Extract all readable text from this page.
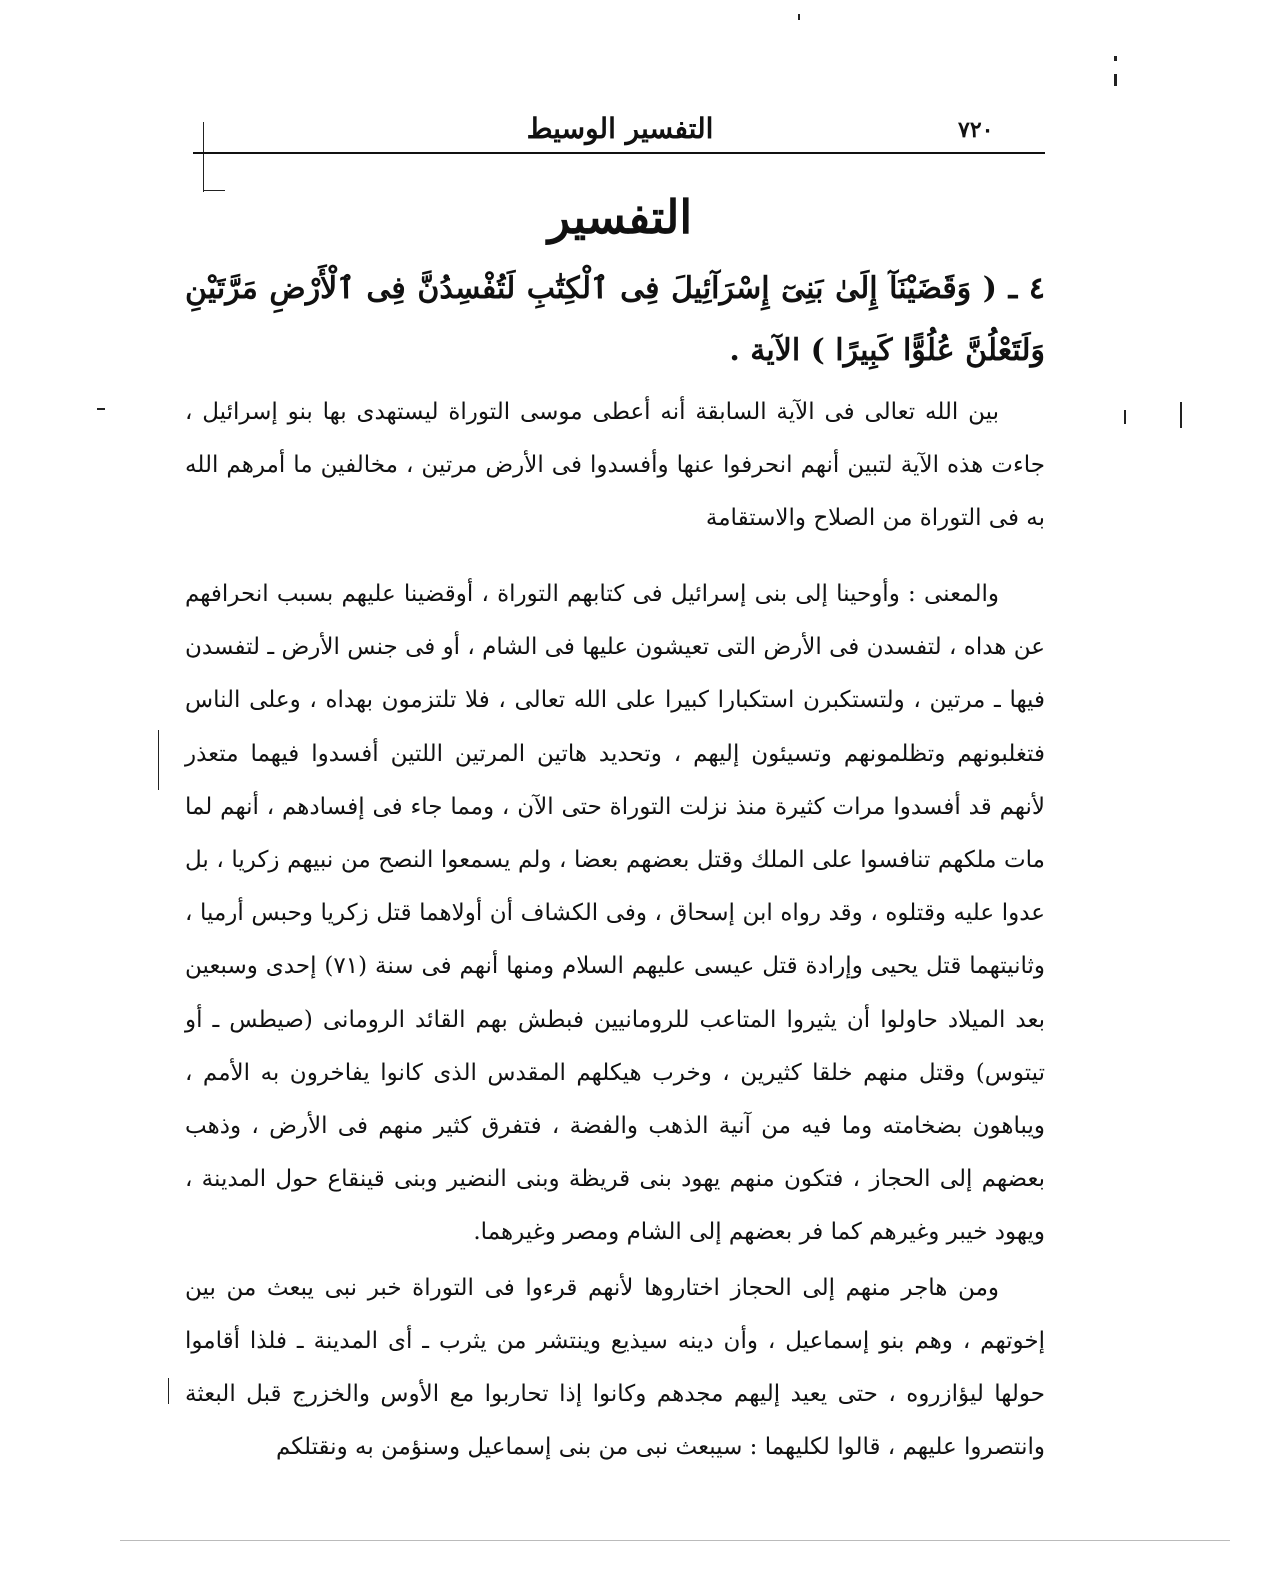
٧٢٠
التفسير الوسيط
التفسير
٤ ـ ( وَقَضَيْنَآ إِلَىٰ بَنِىٓ إِسْرَآئِيلَ فِى ٱلْكِتَٰبِ لَتُفْسِدُنَّ فِى ٱلْأَرْضِ مَرَّتَيْنِ وَلَتَعْلُنَّ عُلُوًّا كَبِيرًا ) الآية .
بين الله تعالى فى الآية السابقة أنه أعطى موسى التوراة ليستهدى بها بنو إسرائيل ، جاءت هذه الآية لتبين أنهم انحرفوا عنها وأفسدوا فى الأرض مرتين ، مخالفين ما أمرهم الله به فى التوراة من الصلاح والاستقامة
والمعنى : وأوحينا إلى بنى إسرائيل فى كتابهم التوراة ، أوقضينا عليهم بسبب انحرافهم عن هداه ، لتفسدن فى الأرض التى تعيشون عليها فى الشام ، أو فى جنس الأرض ـ لتفسدن فيها ـ مرتين ، ولتستكبرن استكبارا كبيرا على الله تعالى ، فلا تلتزمون بهداه ، وعلى الناس فتغلبونهم وتظلمونهم وتسيئون إليهم ، وتحديد هاتين المرتين اللتين أفسدوا فيهما متعذر لأنهم قد أفسدوا مرات كثيرة منذ نزلت التوراة حتى الآن ، ومما جاء فى إفسادهم ، أنهم لما مات ملكهم تنافسوا على الملك وقتل بعضهم بعضا ، ولم يسمعوا النصح من نبيهم زكريا ، بل عدوا عليه وقتلوه ، وقد رواه ابن إسحاق ، وفى الكشاف أن أولاهما قتل زكريا وحبس أرميا ، وثانيتهما قتل يحيى وإرادة قتل عيسى عليهم السلام ومنها أنهم فى سنة (٧١) إحدى وسبعين بعد الميلاد حاولوا أن يثيروا المتاعب للرومانيين فبطش بهم القائد الرومانى (صيطس ـ أو تيتوس) وقتل منهم خلقا كثيرين ، وخرب هيكلهم المقدس الذى كانوا يفاخرون به الأمم ، ويباهون بضخامته وما فيه من آنية الذهب والفضة ، فتفرق كثير منهم فى الأرض ، وذهب بعضهم إلى الحجاز ، فتكون منهم يهود بنى قريظة وبنى النضير وبنى قينقاع حول المدينة ، ويهود خيبر وغيرهم كما فر بعضهم إلى الشام ومصر وغيرهما.
ومن هاجر منهم إلى الحجاز اختاروها لأنهم قرءوا فى التوراة خبر نبى يبعث من بين إخوتهم ، وهم بنو إسماعيل ، وأن دينه سيذيع وينتشر من يثرب ـ أى المدينة ـ فلذا أقاموا حولها ليؤازروه ، حتى يعيد إليهم مجدهم وكانوا إذا تحاربوا مع الأوس والخزرج قبل البعثة وانتصروا عليهم ، قالوا لكليهما : سيبعث نبى من بنى إسماعيل وسنؤمن به ونقتلكم
